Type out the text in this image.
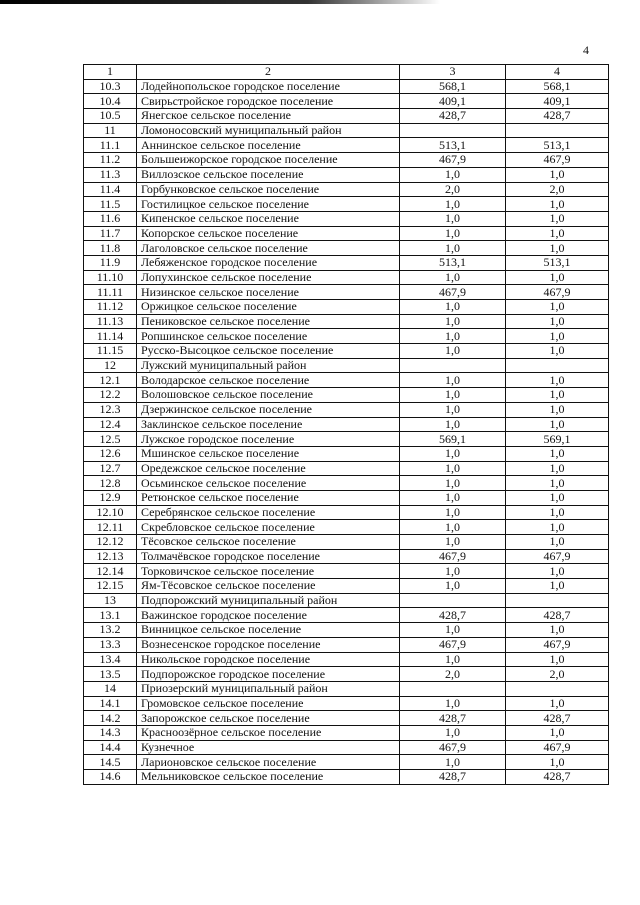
4
1	2	3	4
10.3	Лодейнопольское городское поселение	568,1	568,1
10.4	Свирьстройское городское поселение	409,1	409,1
10.5	Янегское сельское поселение	428,7	428,7
11	Ломоносовский муниципальный район		
11.1	Аннинское сельское поселение	513,1	513,1
11.2	Большеижорское городское поселение	467,9	467,9
11.3	Виллозское сельское поселение	1,0	1,0
11.4	Горбунковское сельское поселение	2,0	2,0
11.5	Гостилицкое сельское поселение	1,0	1,0
11.6	Кипенское сельское поселение	1,0	1,0
11.7	Копорское сельское поселение	1,0	1,0
11.8	Лаголовское сельское поселение	1,0	1,0
11.9	Лебяженское городское поселение	513,1	513,1
11.10	Лопухинское сельское поселение	1,0	1,0
11.11	Низинское сельское поселение	467,9	467,9
11.12	Оржицкое сельское поселение	1,0	1,0
11.13	Пениковское сельское поселение	1,0	1,0
11.14	Ропшинское сельское поселение	1,0	1,0
11.15	Русско-Высоцкое сельское поселение	1,0	1,0
12	Лужский муниципальный район		
12.1	Володарское сельское поселение	1,0	1,0
12.2	Волошовское сельское поселение	1,0	1,0
12.3	Дзержинское сельское поселение	1,0	1,0
12.4	Заклинское сельское поселение	1,0	1,0
12.5	Лужское городское поселение	569,1	569,1
12.6	Мшинское сельское поселение	1,0	1,0
12.7	Оредежское сельское поселение	1,0	1,0
12.8	Осьминское сельское поселение	1,0	1,0
12.9	Ретюнское сельское поселение	1,0	1,0
12.10	Серебрянское сельское поселение	1,0	1,0
12.11	Скребловское сельское поселение	1,0	1,0
12.12	Тёсовское сельское поселение	1,0	1,0
12.13	Толмачёвское городское поселение	467,9	467,9
12.14	Торковичское сельское поселение	1,0	1,0
12.15	Ям-Тёсовское сельское поселение	1,0	1,0
13	Подпорожский муниципальный район		
13.1	Важинское городское поселение	428,7	428,7
13.2	Винницкое сельское поселение	1,0	1,0
13.3	Вознесенское городское поселение	467,9	467,9
13.4	Никольское городское поселение	1,0	1,0
13.5	Подпорожское городское поселение	2,0	2,0
14	Приозерский муниципальный район		
14.1	Громовское сельское поселение	1,0	1,0
14.2	Запорожское сельское поселение	428,7	428,7
14.3	Красноозёрное сельское поселение	1,0	1,0
14.4	Кузнечное	467,9	467,9
14.5	Ларионовское сельское поселение	1,0	1,0
14.6	Мельниковское сельское поселение	428,7	428,7
